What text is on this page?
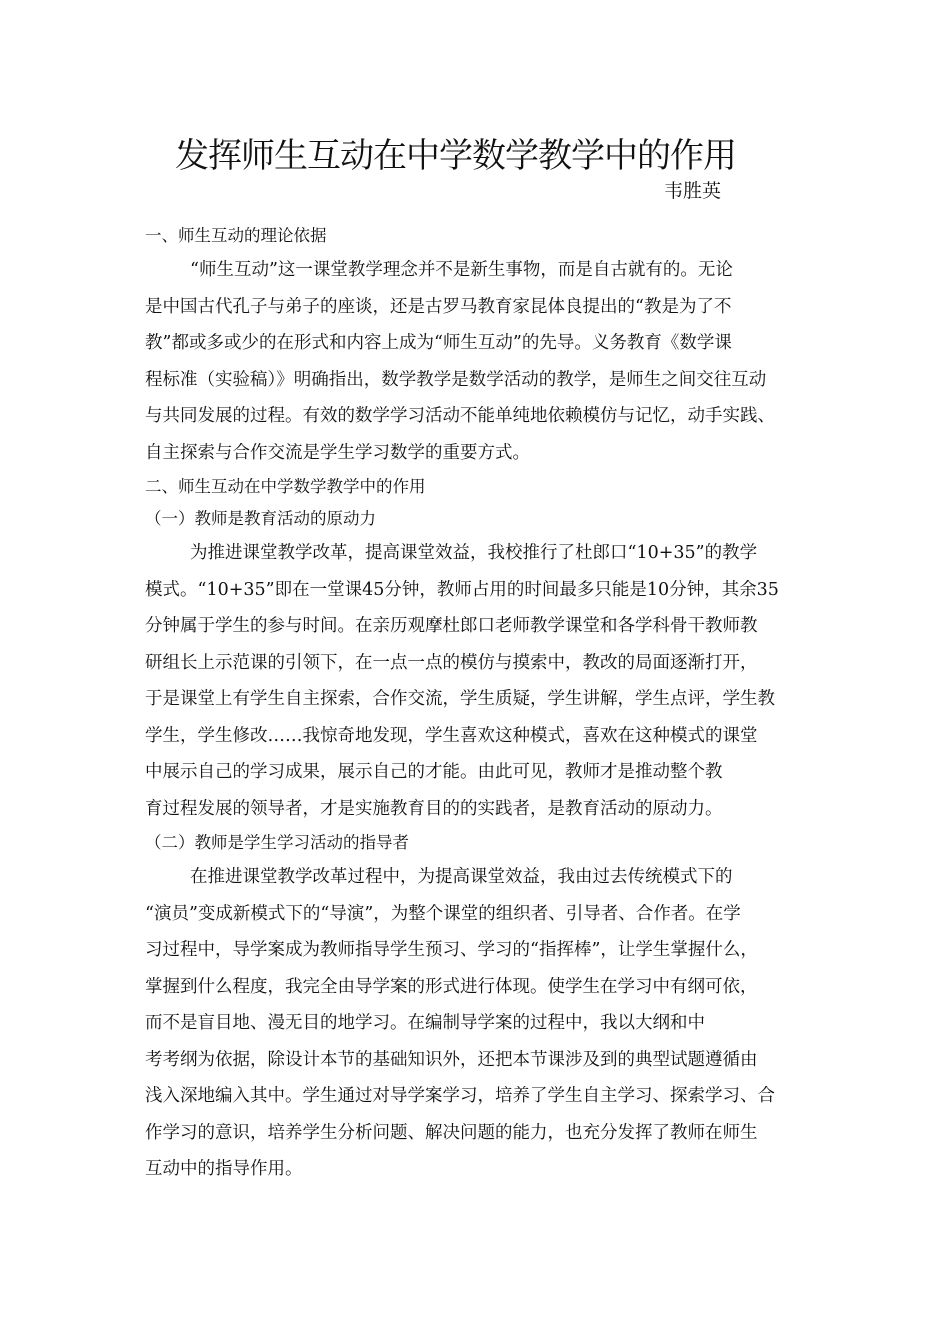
发挥师生互动在中学数学教学中的作用
韦胜英
一、师生互动的理论依据
“师生互动”这一课堂教学理念并不是新生事物，而是自古就有的。无论
是中国古代孔子与弟子的座谈，还是古罗马教育家昆体良提出的“教是为了不
教”都或多或少的在形式和内容上成为“师生互动”的先导。义务教育《数学课
程标准（实验稿）》明确指出，数学教学是数学活动的教学，是师生之间交往互动
与共同发展的过程。有效的数学学习活动不能单纯地依赖模仿与记忆，动手实践、
自主探索与合作交流是学生学习数学的重要方式。
二、师生互动在中学数学教学中的作用
（一）教师是教育活动的原动力
为推进课堂教学改革，提高课堂效益，我校推行了杜郎口“10+35”的教学
模式。“10+35”即在一堂课45分钟，教师占用的时间最多只能是10分钟，其余35
分钟属于学生的参与时间。在亲历观摩杜郎口老师教学课堂和各学科骨干教师教
研组长上示范课的引领下，在一点一点的模仿与摸索中，教改的局面逐渐打开，
于是课堂上有学生自主探索，合作交流，学生质疑，学生讲解，学生点评，学生教
学生，学生修改……我惊奇地发现，学生喜欢这种模式，喜欢在这种模式的课堂
中展示自己的学习成果，展示自己的才能。由此可见，教师才是推动整个教
育过程发展的领导者，才是实施教育目的的实践者，是教育活动的原动力。
（二）教师是学生学习活动的指导者
在推进课堂教学改革过程中，为提高课堂效益，我由过去传统模式下的
“演员”变成新模式下的“导演”，为整个课堂的组织者、引导者、合作者。在学
习过程中，导学案成为教师指导学生预习、学习的“指挥棒”，让学生掌握什么，
掌握到什么程度，我完全由导学案的形式进行体现。使学生在学习中有纲可依，
而不是盲目地、漫无目的地学习。在编制导学案的过程中，我以大纲和中
考考纲为依据，除设计本节的基础知识外，还把本节课涉及到的典型试题遵循由
浅入深地编入其中。学生通过对导学案学习，培养了学生自主学习、探索学习、合
作学习的意识，培养学生分析问题、解决问题的能力，也充分发挥了教师在师生
互动中的指导作用。
